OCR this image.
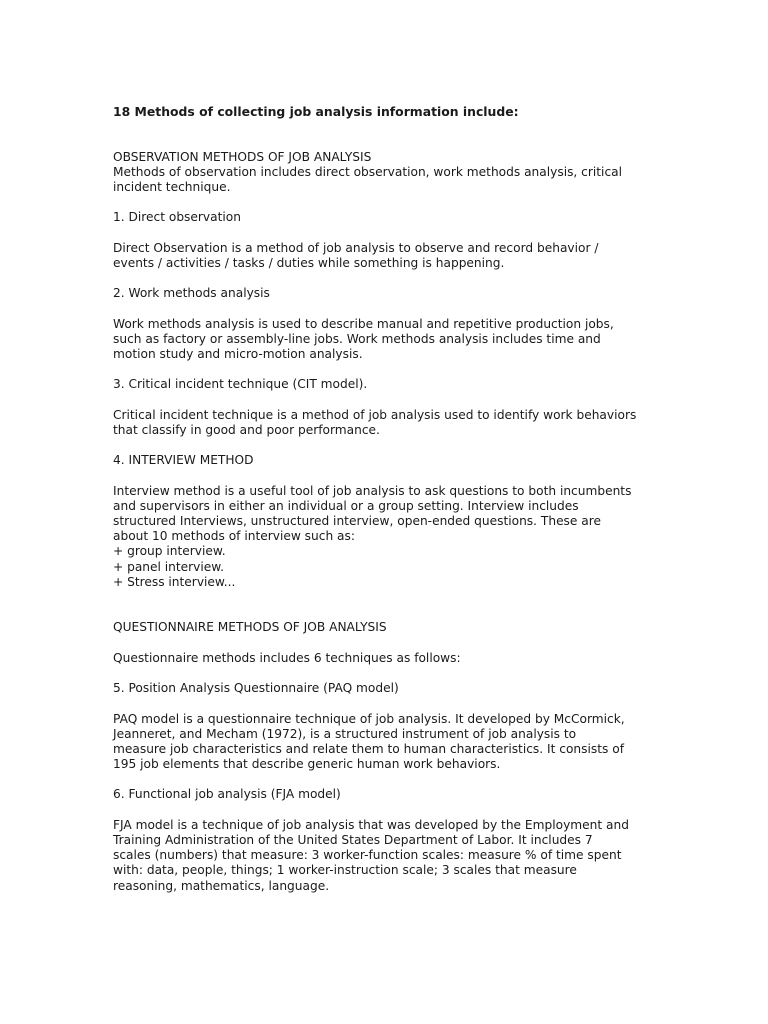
18 Methods of collecting job analysis information include:
OBSERVATION METHODS OF JOB ANALYSIS
Methods of observation includes direct observation, work methods analysis, critical
incident technique.
1. Direct observation
Direct Observation is a method of job analysis to observe and record behavior /
events / activities / tasks / duties while something is happening.
2. Work methods analysis
Work methods analysis is used to describe manual and repetitive production jobs,
such as factory or assembly-line jobs. Work methods analysis includes time and
motion study and micro-motion analysis.
3. Critical incident technique (CIT model).
Critical incident technique is a method of job analysis used to identify work behaviors
that classify in good and poor performance.
4. INTERVIEW METHOD
Interview method is a useful tool of job analysis to ask questions to both incumbents
and supervisors in either an individual or a group setting. Interview includes
structured Interviews, unstructured interview, open-ended questions. These are
about 10 methods of interview such as:
+ group interview.
+ panel interview.
+ Stress interview...
QUESTIONNAIRE METHODS OF JOB ANALYSIS
Questionnaire methods includes 6 techniques as follows:
5. Position Analysis Questionnaire (PAQ model)
PAQ model is a questionnaire technique of job analysis. It developed by McCormick,
Jeanneret, and Mecham (1972), is a structured instrument of job analysis to
measure job characteristics and relate them to human characteristics. It consists of
195 job elements that describe generic human work behaviors.
6. Functional job analysis (FJA model)
FJA model is a technique of job analysis that was developed by the Employment and
Training Administration of the United States Department of Labor. It includes 7
scales (numbers) that measure: 3 worker-function scales: measure % of time spent
with: data, people, things; 1 worker-instruction scale; 3 scales that measure
reasoning, mathematics, language.
